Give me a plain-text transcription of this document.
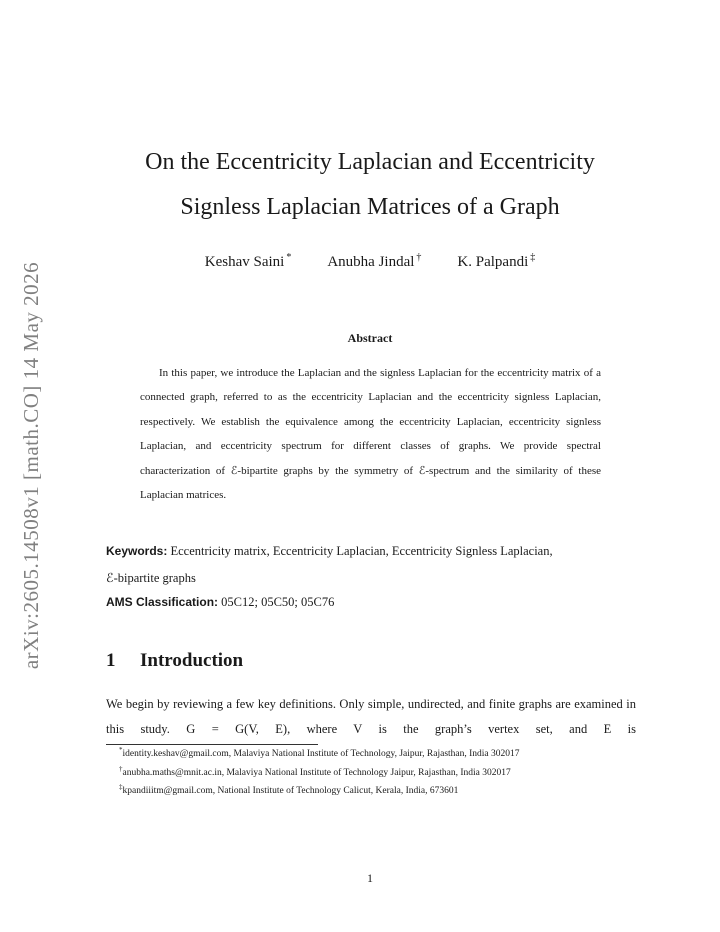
arXiv:2605.14508v1 [math.CO] 14 May 2026
On the Eccentricity Laplacian and Eccentricity
Signless Laplacian Matrices of a Graph
Keshav Saini * Anubha Jindal † K. Palpandi ‡
Abstract

In this paper, we introduce the Laplacian and the signless Laplacian for the eccentricity matrix of a connected graph, referred to as the eccentricity Laplacian and the eccentricity signless Laplacian, respectively. We establish the equivalence among the eccentricity Laplacian, eccentricity signless Laplacian, and eccentricity spectrum for different classes of graphs. We provide spectral characterization of ℰ-bipartite graphs by the symmetry of ℰ-spectrum and the similarity of these Laplacian matrices.

Keywords: Eccentricity matrix, Eccentricity Laplacian, Eccentricity Signless Laplacian,
ℰ-bipartite graphs
AMS Classification: 05C12; 05C50; 05C76
1 Introduction

We begin by reviewing a few key definitions. Only simple, undirected, and finite graphs are examined in this study. G = G(V, E), where V is the graph’s vertex set, and E is

*identity.keshav@gmail.com, Malaviya National Institute of Technology, Jaipur, Rajasthan, India 302017

†anubha.maths@mnit.ac.in, Malaviya National Institute of Technology Jaipur, Rajasthan, India 302017

‡kpandiiitm@gmail.com, National Institute of Technology Calicut, Kerala, India, 673601

1
